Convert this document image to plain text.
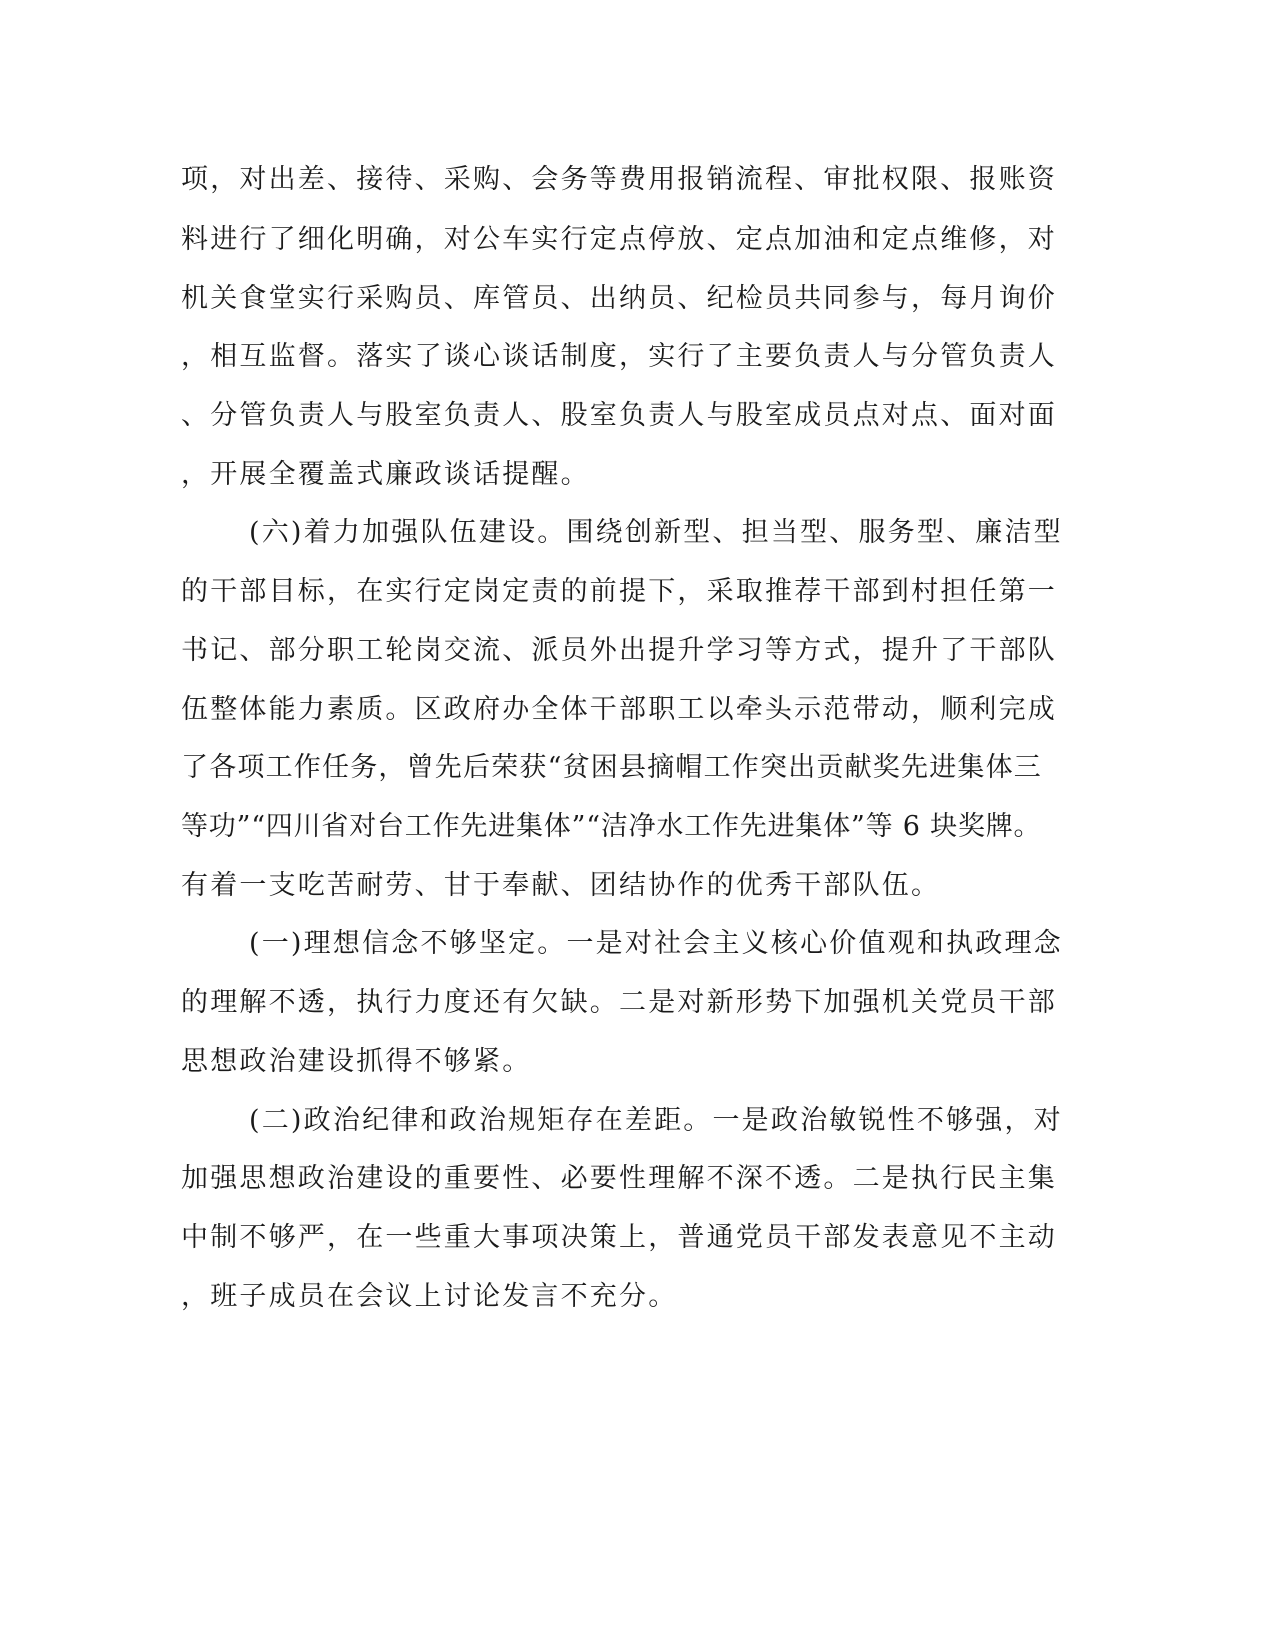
项，对出差、接待、采购、会务等费用报销流程、审批权限、报账资
料进行了细化明确，对公车实行定点停放、定点加油和定点维修，对
机关食堂实行采购员、库管员、出纳员、纪检员共同参与，每月询价
，相互监督。落实了谈心谈话制度，实行了主要负责人与分管负责人
、分管负责人与股室负责人、股室负责人与股室成员点对点、面对面
，开展全覆盖式廉政谈话提醒。
(六)着力加强队伍建设。围绕创新型、担当型、服务型、廉洁型
的干部目标，在实行定岗定责的前提下，采取推荐干部到村担任第一
书记、部分职工轮岗交流、派员外出提升学习等方式，提升了干部队
伍整体能力素质。区政府办全体干部职工以牵头示范带动，顺利完成
了各项工作任务，曾先后荣获“贫困县摘帽工作突出贡献奖先进集体三
等功”“四川省对台工作先进集体”“洁净水工作先进集体”等 6 块奖牌。
有着一支吃苦耐劳、甘于奉献、团结协作的优秀干部队伍。
(一)理想信念不够坚定。一是对社会主义核心价值观和执政理念
的理解不透，执行力度还有欠缺。二是对新形势下加强机关党员干部
思想政治建设抓得不够紧。
(二)政治纪律和政治规矩存在差距。一是政治敏锐性不够强，对
加强思想政治建设的重要性、必要性理解不深不透。二是执行民主集
中制不够严，在一些重大事项决策上，普通党员干部发表意见不主动
，班子成员在会议上讨论发言不充分。
